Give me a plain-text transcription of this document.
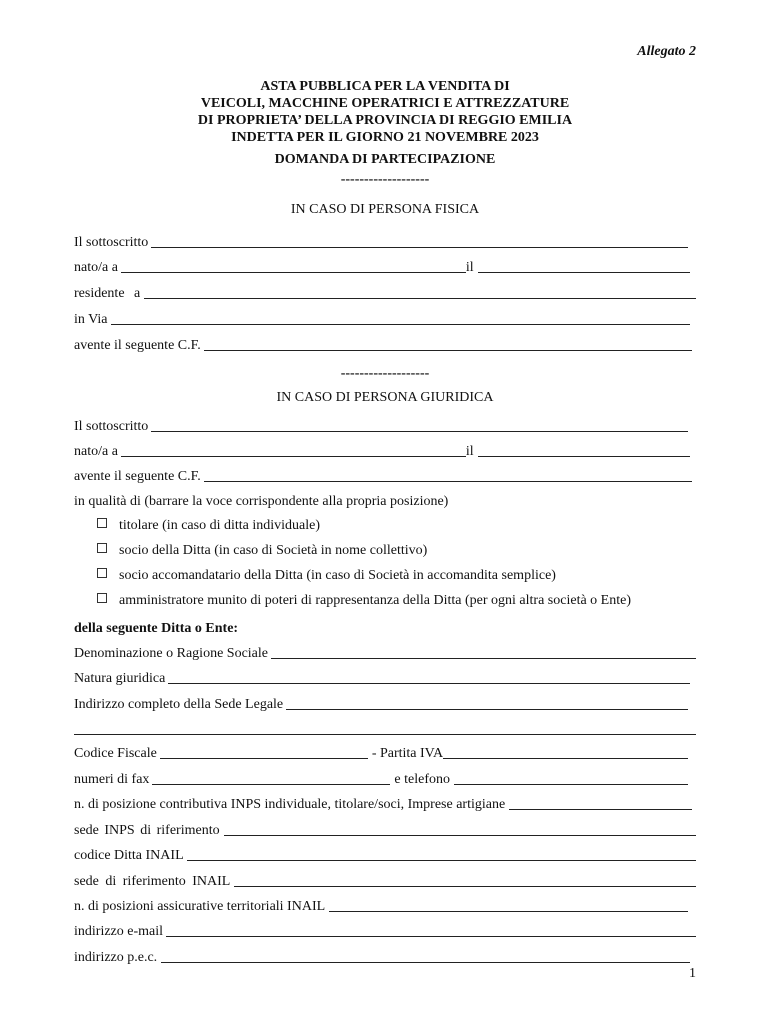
Allegato 2
ASTA PUBBLICA PER LA VENDITA DI
VEICOLI, MACCHINE OPERATRICI E ATTREZZATURE
DI PROPRIETA’ DELLA PROVINCIA DI REGGIO EMILIA
INDETTA PER IL GIORNO 21 NOVEMBRE 2023
DOMANDA DI PARTECIPAZIONE
-------------------
IN CASO DI PERSONA FISICA
Il sottoscritto
nato/a a	il
residente a
in Via
avente il seguente C.F.
-------------------
IN CASO DI PERSONA GIURIDICA
Il sottoscritto
nato/a a	il
avente il seguente C.F.
in qualità di (barrare la voce corrispondente alla propria posizione)
titolare (in caso di ditta individuale)
socio della Ditta (in caso di Società in nome collettivo)
socio accomandatario della Ditta (in caso di Società in accomandita semplice)
amministratore munito di poteri di rappresentanza della Ditta (per ogni altra società o Ente)
della seguente Ditta o Ente:
Denominazione o Ragione Sociale
Natura giuridica
Indirizzo completo della Sede Legale
Codice Fiscale	- Partita IVA
numeri di fax	e telefono
n. di posizione contributiva INPS individuale, titolare/soci, Imprese artigiane
sede INPS di riferimento
codice Ditta INAIL
sede di riferimento INAIL
n. di posizioni assicurative territoriali INAIL
indirizzo e-mail
indirizzo p.e.c.
1
